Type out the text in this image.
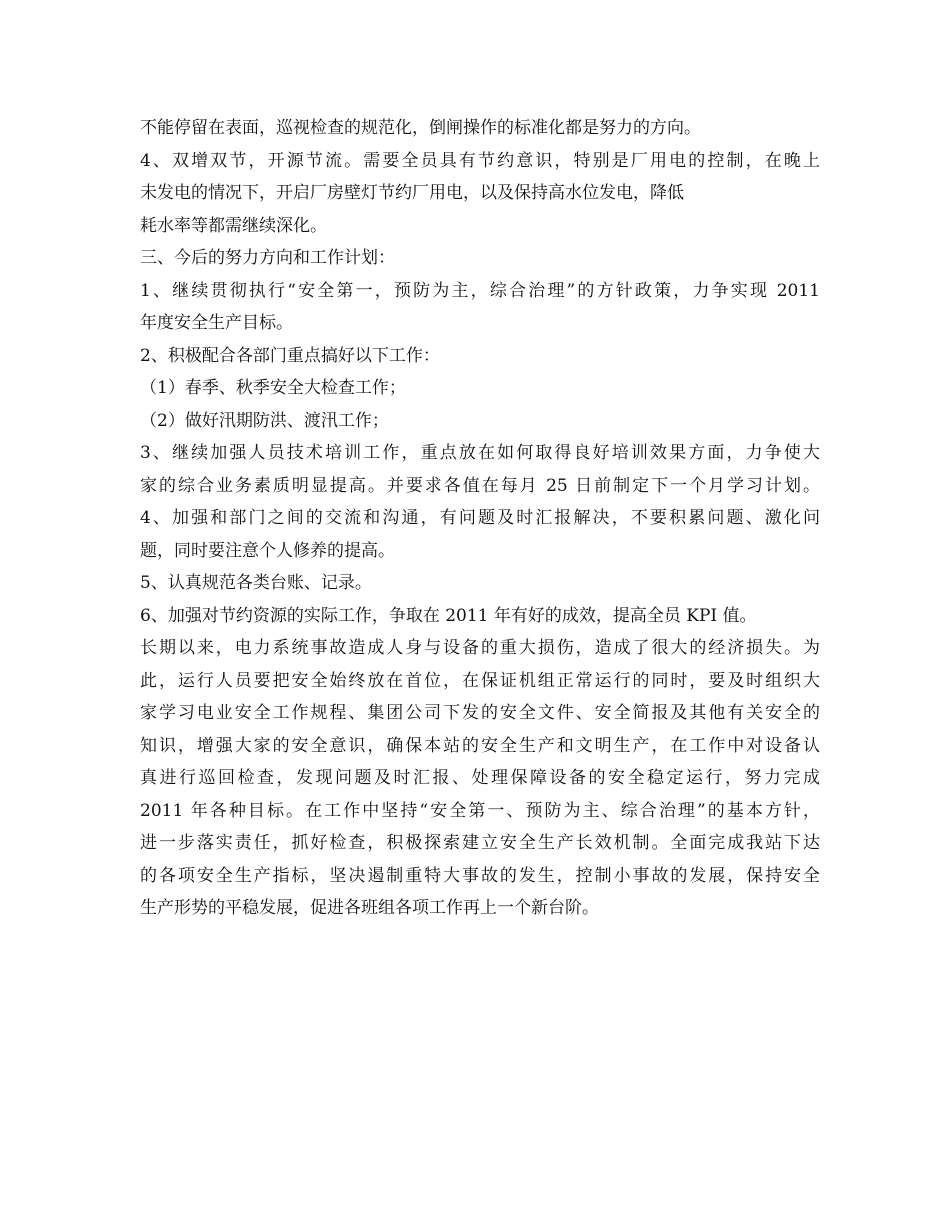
不能停留在表面，巡视检查的规范化，倒闸操作的标准化都是努力的方向。
4、双增双节，开源节流。需要全员具有节约意识，特别是厂用电的控制，在晚上
未发电的情况下，开启厂房壁灯节约厂用电，以及保持高水位发电，降低
耗水率等都需继续深化。
三、今后的努力方向和工作计划：
1、继续贯彻执行“安全第一，预防为主，综合治理”的方针政策，力争实现 2011
年度安全生产目标。
2、积极配合各部门重点搞好以下工作：
（1）春季、秋季安全大检查工作；
（2）做好汛期防洪、渡汛工作；
3、继续加强人员技术培训工作，重点放在如何取得良好培训效果方面，力争使大
家的综合业务素质明显提高。并要求各值在每月 25 日前制定下一个月学习计划。
4、加强和部门之间的交流和沟通，有问题及时汇报解决，不要积累问题、激化问
题，同时要注意个人修养的提高。
5、认真规范各类台账、记录。
6、加强对节约资源的实际工作，争取在 2011 年有好的成效，提高全员 KPI 值。
长期以来，电力系统事故造成人身与设备的重大损伤，造成了很大的经济损失。为
此，运行人员要把安全始终放在首位，在保证机组正常运行的同时，要及时组织大
家学习电业安全工作规程、集团公司下发的安全文件、安全简报及其他有关安全的
知识，增强大家的安全意识，确保本站的安全生产和文明生产，在工作中对设备认
真进行巡回检查，发现问题及时汇报、处理保障设备的安全稳定运行，努力完成
2011 年各种目标。在工作中坚持“安全第一、预防为主、综合治理”的基本方针，
进一步落实责任，抓好检查，积极探索建立安全生产长效机制。全面完成我站下达
的各项安全生产指标，坚决遏制重特大事故的发生，控制小事故的发展，保持安全
生产形势的平稳发展，促进各班组各项工作再上一个新台阶。
